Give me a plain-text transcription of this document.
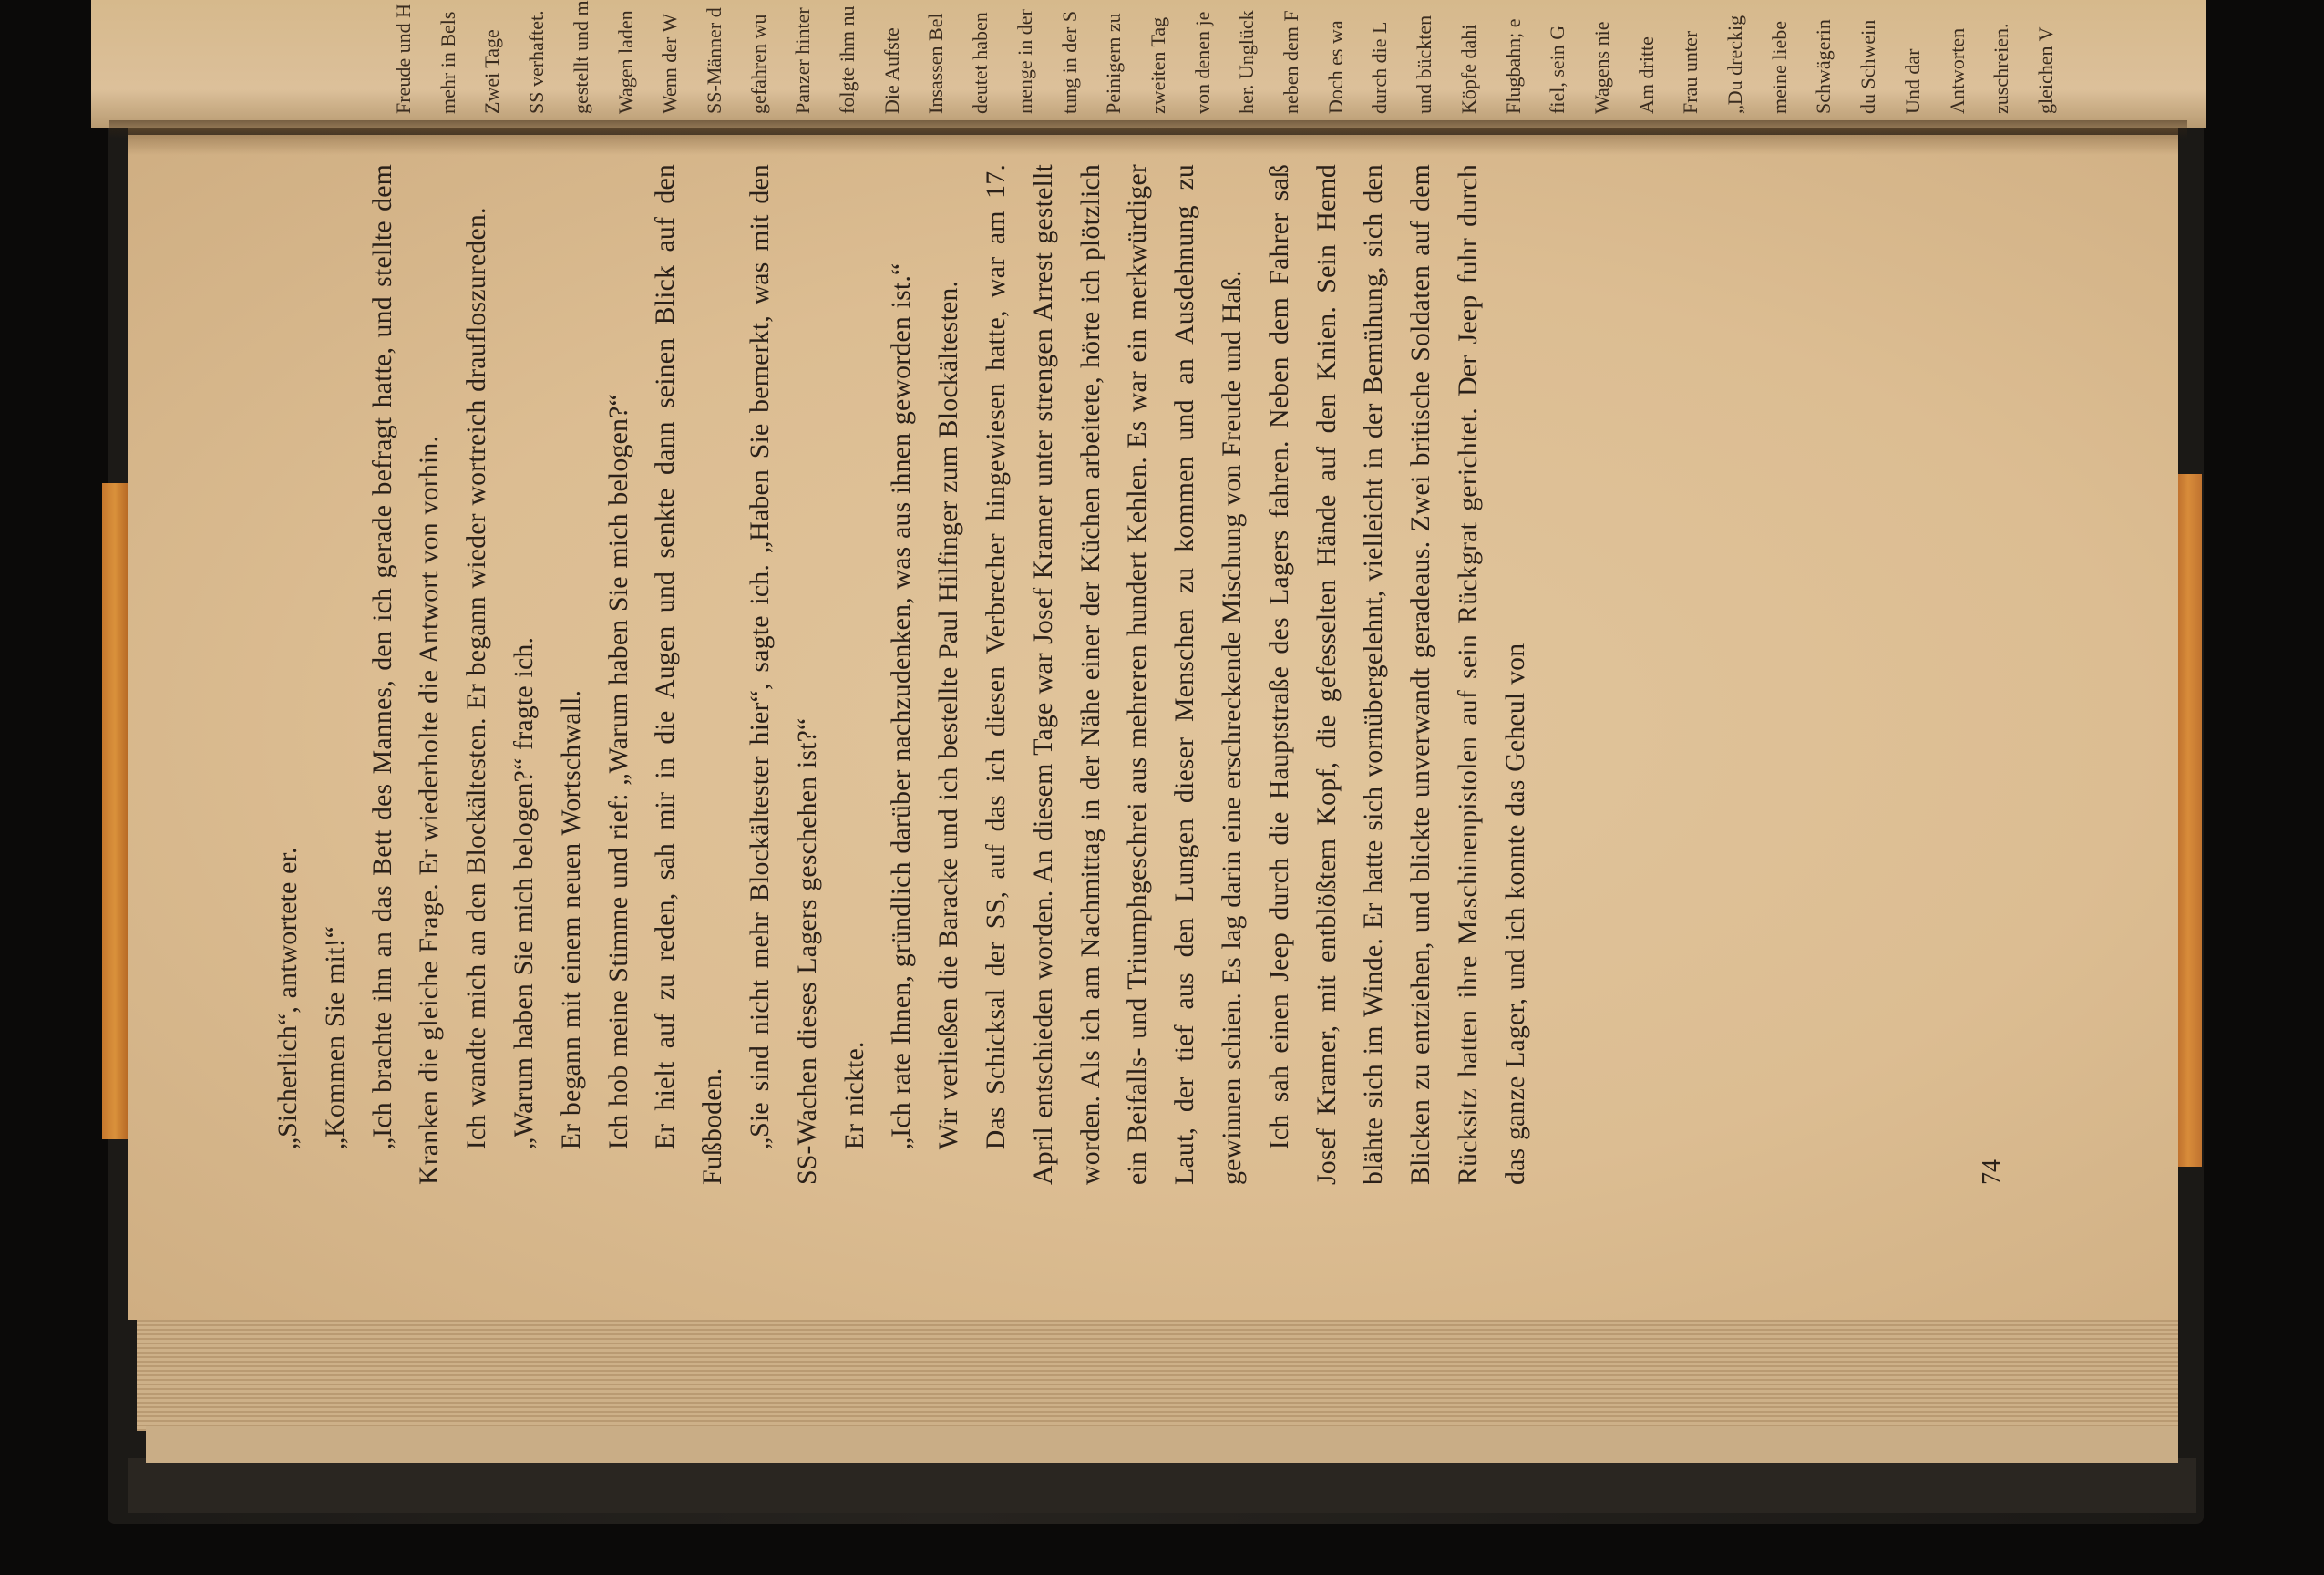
Freude und H mehr in Bels Zwei Tage SS verhaftet. gestellt und m Wagen laden Wenn der W SS-Männer d gefahren wu Panzer hinter folgte ihm nu Die Aufste Insassen Bel deutet haben menge in der tung in der S Peinigern zu zweiten Tag von denen je her. Unglück neben dem F Doch es wa durch die L und bückten Köpfe dahi Flugbahn; e fiel, sein G Wagens nie Am dritte Frau unter „Du dreckig meine liebe Schwägerin du Schwein Und dar Antworten zuschreien. gleichen V

„Sicherlich“, antwortete er. „Kommen Sie mit!“ „Ich brachte ihn an das Bett des Mannes, den ich gerade befragt hatte, und stellte dem Kranken die gleiche Frage. Er wiederholte die Antwort von vorhin. Ich wandte mich an den Blockältesten. Er begann wieder wortreich draufloszureden. „Warum haben Sie mich belogen?“ fragte ich. Er begann mit einem neuen Wortschwall. Ich hob meine Stimme und rief: „Warum haben Sie mich belogen?“ Er hielt auf zu reden, sah mir in die Augen und senkte dann seinen Blick auf den Fußboden. „Sie sind nicht mehr Blockältester hier“, sagte ich. „Haben Sie bemerkt, was mit den SS-Wachen dieses Lagers geschehen ist?“ Er nickte. „Ich rate Ihnen, gründlich darüber nachzudenken, was aus ihnen geworden ist.“ Wir verließen die Baracke und ich bestellte Paul Hilfinger zum Blockältesten. Das Schicksal der SS, auf das ich diesen Verbrecher hingewiesen hatte, war am 17. April entschieden worden. An diesem Tage war Josef Kramer unter strengen Arrest gestellt worden. Als ich am Nachmittag in der Nähe einer der Küchen arbeitete, hörte ich plötzlich ein Beifalls- und Triumphgeschrei aus mehreren hundert Kehlen. Es war ein merkwürdiger Laut, der tief aus den Lungen dieser Menschen zu kommen und an Ausdehnung zu gewinnen schien. Es lag darin eine erschreckende Mischung von Freude und Haß. Ich sah einen Jeep durch die Hauptstraße des Lagers fahren. Neben dem Fahrer saß Josef Kramer, mit entblößtem Kopf, die gefesselten Hände auf den Knien. Sein Hemd blähte sich im Winde. Er hatte sich vornübergelehnt, vielleicht in der Bemühung, sich den Blicken zu entziehen, und blickte unverwandt geradeaus. Zwei britische Soldaten auf dem Rücksitz hatten ihre Maschinenpistolen auf sein Rückgrat gerichtet. Der Jeep fuhr durch das ganze Lager, und ich konnte das Geheul von	74
